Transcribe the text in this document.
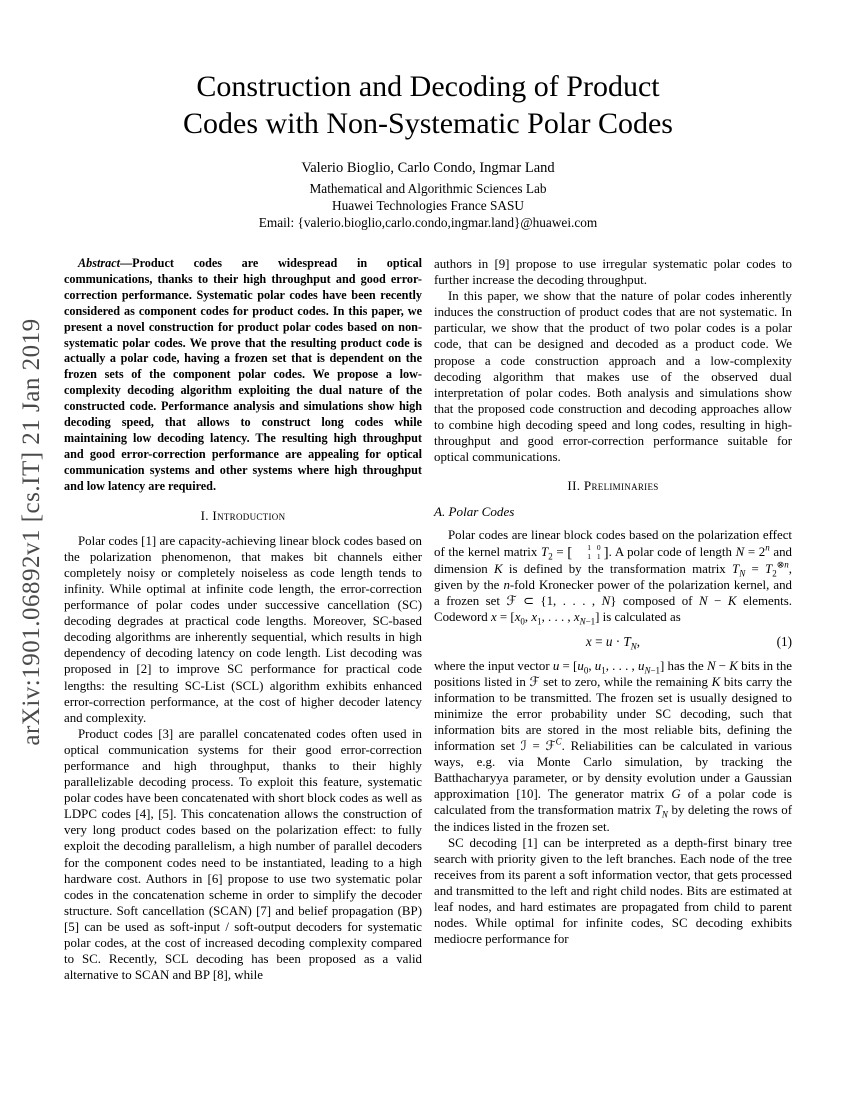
arXiv:1901.06892v1 [cs.IT] 21 Jan 2019
Construction and Decoding of Product
Codes with Non-Systematic Polar Codes
Valerio Bioglio, Carlo Condo, Ingmar Land
Mathematical and Algorithmic Sciences Lab
Huawei Technologies France SASU
Email: {valerio.bioglio,carlo.condo,ingmar.land}@huawei.com

Abstract—Product codes are widespread in optical communications, thanks to their high throughput and good error-correction performance. Systematic polar codes have been recently considered as component codes for product codes. In this paper, we present a novel construction for product polar codes based on non-systematic polar codes. We prove that the resulting product code is actually a polar code, having a frozen set that is dependent on the frozen sets of the component polar codes. We propose a low-complexity decoding algorithm exploiting the dual nature of the constructed code. Performance analysis and simulations show high decoding speed, that allows to construct long codes while maintaining low decoding latency. The resulting high throughput and good error-correction performance are appealing for optical communication systems and other systems where high throughput and low latency are required.

I. Introduction

Polar codes [1] are capacity-achieving linear block codes based on the polarization phenomenon, that makes bit channels either completely noisy or completely noiseless as code length tends to infinity. While optimal at infinite code length, the error-correction performance of polar codes under successive cancellation (SC) decoding degrades at practical code lengths. Moreover, SC-based decoding algorithms are inherently sequential, which results in high dependency of decoding latency on code length. List decoding was proposed in [2] to improve SC performance for practical code lengths: the resulting SC-List (SCL) algorithm exhibits enhanced error-correction performance, at the cost of higher decoder latency and complexity.

Product codes [3] are parallel concatenated codes often used in optical communication systems for their good error-correction performance and high throughput, thanks to their highly parallelizable decoding process. To exploit this feature, systematic polar codes have been concatenated with short block codes as well as LDPC codes [4], [5]. This concatenation allows the construction of very long product codes based on the polarization effect: to fully exploit the decoding parallelism, a high number of parallel decoders for the component codes need to be instantiated, leading to a high hardware cost. Authors in [6] propose to use two systematic polar codes in the concatenation scheme in order to simplify the decoder structure. Soft cancellation (SCAN) [7] and belief propagation (BP) [5] can be used as soft-input / soft-output decoders for systematic polar codes, at the cost of increased decoding complexity compared to SC. Recently, SCL decoding has been proposed as a valid alternative to SCAN and BP [8], while

authors in [9] propose to use irregular systematic polar codes to further increase the decoding throughput.

In this paper, we show that the nature of polar codes inherently induces the construction of product codes that are not systematic. In particular, we show that the product of two polar codes is a polar code, that can be designed and decoded as a product code. We propose a code construction approach and a low-complexity decoding algorithm that makes use of the observed dual interpretation of polar codes. Both analysis and simulations show that the proposed code construction and decoding approaches allow to combine high decoding speed and long codes, resulting in high-throughput and good error-correction performance suitable for optical communications.

II. Preliminaries
A. Polar Codes

Polar codes are linear block codes based on the polarization effect of the kernel matrix $T_2$ = [	1 0
1 1 ]. A polar code of length $N = 2^n$ and dimension K is defined by the transformation matrix $T_N = T_2^{\otimes n}$, given by the n-fold Kronecker power of the polarization kernel, and a frozen set ℱ ⊂ {1, . . . , N} composed of N − K elements. Codeword $x = [x_0$, $x_1$, . . . , $x_{N-1}$] is calculated as

$x = u \cdot T_N$,	(1)

where the input vector $u = [u_0$, $u_1$, . . . , $u_{N-1}$] has the N − K bits in the positions listed in ℱ set to zero, while the remaining K bits carry the information to be transmitted. The frozen set is usually designed to minimize the error probability under SC decoding, such that information bits are stored in the most reliable bits, defining the information set ℐ = ℱ$^C$. Reliabilities can be calculated in various ways, e.g. via Monte Carlo simulation, by tracking the Batthacharyya parameter, or by density evolution under a Gaussian approximation [10]. The generator matrix G of a polar code is calculated from the transformation matrix $T_N$ by deleting the rows of the indices listed in the frozen set.

SC decoding [1] can be interpreted as a depth-first binary tree search with priority given to the left branches. Each node of the tree receives from its parent a soft information vector, that gets processed and transmitted to the left and right child nodes. Bits are estimated at leaf nodes, and hard estimates are propagated from child to parent nodes. While optimal for infinite codes, SC decoding exhibits mediocre performance for
